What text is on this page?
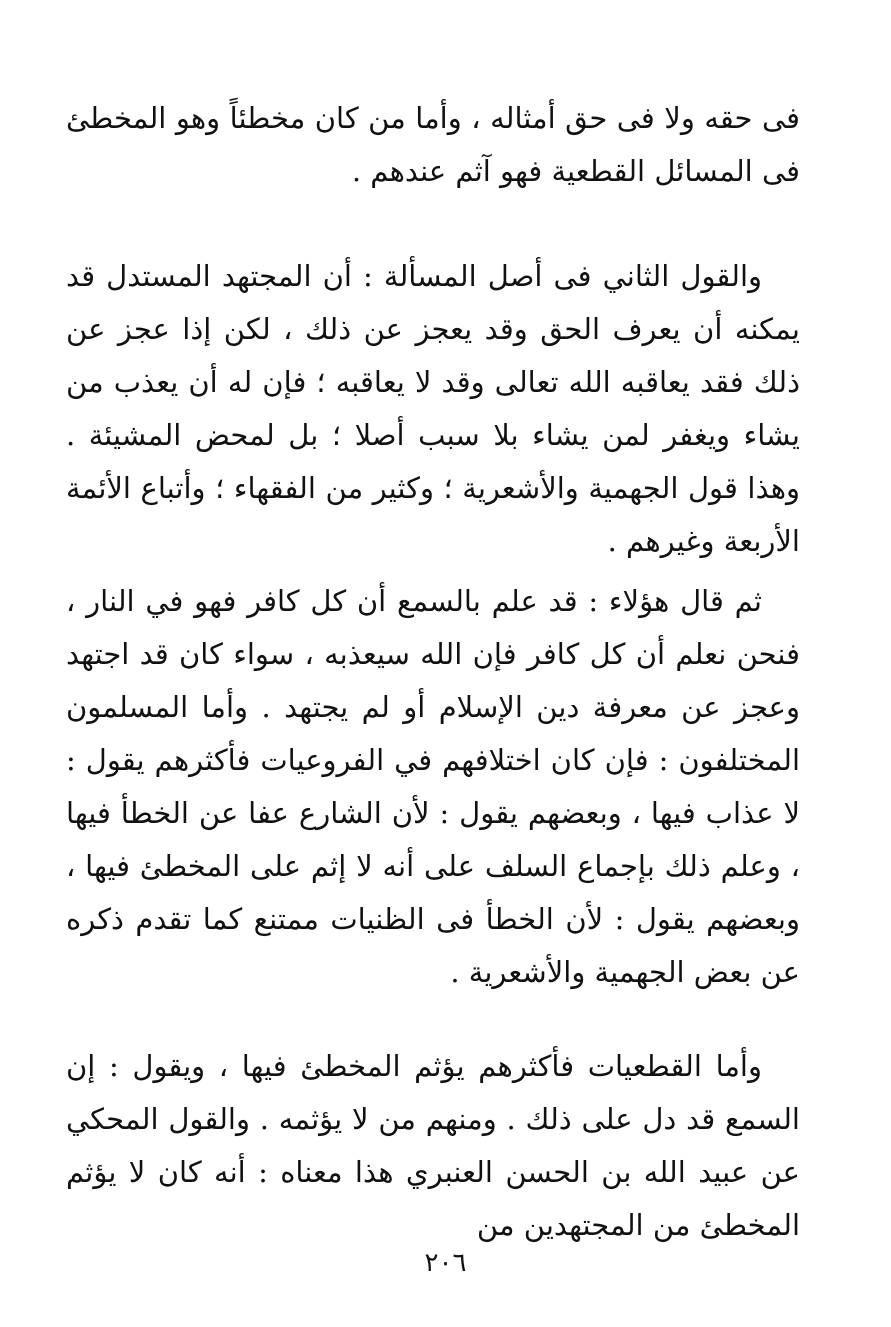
فى حقه ولا فى حق أمثاله ، وأما من كان مخطئاً وهو المخطئ فى المسائل القطعية فهو آثم عندهم .

والقول الثاني فى أصل المسألة : أن المجتهد المستدل قد يمكنه أن يعرف الحق وقد يعجز عن ذلك ، لكن إذا عجز عن ذلك فقد يعاقبه الله تعالى وقد لا يعاقبه ؛ فإن له أن يعذب من يشاء ويغفر لمن يشاء بلا سبب أصلا ؛ بل لمحض المشيئة . وهذا قول الجهمية والأشعرية ؛ وكثير من الفقهاء ؛ وأتباع الأئمة الأربعة وغيرهم .

ثم قال هؤلاء : قد علم بالسمع أن كل كافر فهو في النار ، فنحن نعلم أن كل كافر فإن الله سيعذبه ، سواء كان قد اجتهد وعجز عن معرفة دين الإسلام أو لم يجتهد . وأما المسلمون المختلفون : فإن كان اختلافهم في الفروعيات فأكثرهم يقول : لا عذاب فيها ، وبعضهم يقول : لأن الشارع عفا عن الخطأ فيها ، وعلم ذلك بإجماع السلف على أنه لا إثم على المخطئ فيها ، وبعضهم يقول : لأن الخطأ فى الظنيات ممتنع كما تقدم ذكره عن بعض الجهمية والأشعرية .

وأما القطعيات فأكثرهم يؤثم المخطئ فيها ، ويقول : إن السمع قد دل على ذلك . ومنهم من لا يؤثمه . والقول المحكي عن عبيد الله بن الحسن العنبري هذا معناه : أنه كان لا يؤثم المخطئ من المجتهدين من

٢٠٦
